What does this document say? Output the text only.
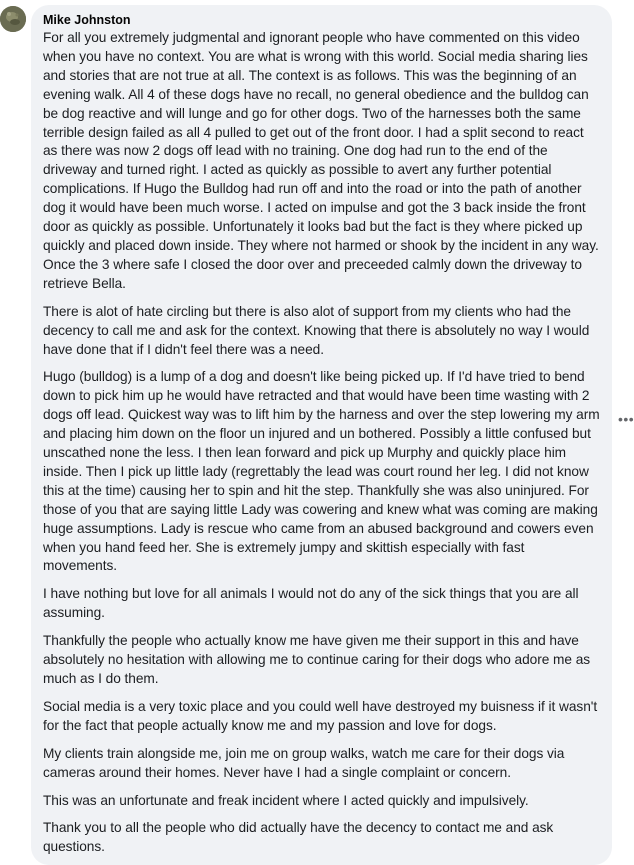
Mike Johnston
For all you extremely judgmental and ignorant people who have commented on this video when you have no context. You are what is wrong with this world. Social media sharing lies and stories that are not true at all. The context is as follows. This was the beginning of an evening walk. All 4 of these dogs have no recall, no general obedience and the bulldog can be dog reactive and will lunge and go for other dogs. Two of the harnesses both the same terrible design failed as all 4 pulled to get out of the front door. I had a split second to react as there was now 2 dogs off lead with no training. One dog had run to the end of the driveway and turned right. I acted as quickly as possible to avert any further potential complications. If Hugo the Bulldog had run off and into the road or into the path of another dog it would have been much worse. I acted on impulse and got the 3 back inside the front door as quickly as possible. Unfortunately it looks bad but the fact is they where picked up quickly and placed down inside. They where not harmed or shook by the incident in any way. Once the 3 where safe I closed the door over and preceeded calmly down the driveway to retrieve Bella.
There is alot of hate circling but there is also alot of support from my clients who had the decency to call me and ask for the context. Knowing that there is absolutely no way I would have done that if I didn't feel there was a need.
Hugo (bulldog) is a lump of a dog and doesn't like being picked up. If I'd have tried to bend down to pick him up he would have retracted and that would have been time wasting with 2 dogs off lead. Quickest way was to lift him by the harness and over the step lowering my arm and placing him down on the floor un injured and un bothered. Possibly a little confused but unscathed none the less. I then lean forward and pick up Murphy and quickly place him inside. Then I pick up little lady (regrettably the lead was court round her leg. I did not know this at the time) causing her to spin and hit the step. Thankfully she was also uninjured. For those of you that are saying little Lady was cowering and knew what was coming are making huge assumptions. Lady is rescue who came from an abused background and cowers even when you hand feed her. She is extremely jumpy and skittish especially with fast movements.
I have nothing but love for all animals I would not do any of the sick things that you are all assuming.
Thankfully the people who actually know me have given me their support in this and have absolutely no hesitation with allowing me to continue caring for their dogs who adore me as much as I do them.
Social media is a very toxic place and you could well have destroyed my buisness if it wasn't for the fact that people actually know me and my passion and love for dogs.
My clients train alongside me, join me on group walks, watch me care for their dogs via cameras around their homes. Never have I had a single complaint or concern.
This was an unfortunate and freak incident where I acted quickly and impulsively.
Thank you to all the people who did actually have the decency to contact me and ask questions.
•••
